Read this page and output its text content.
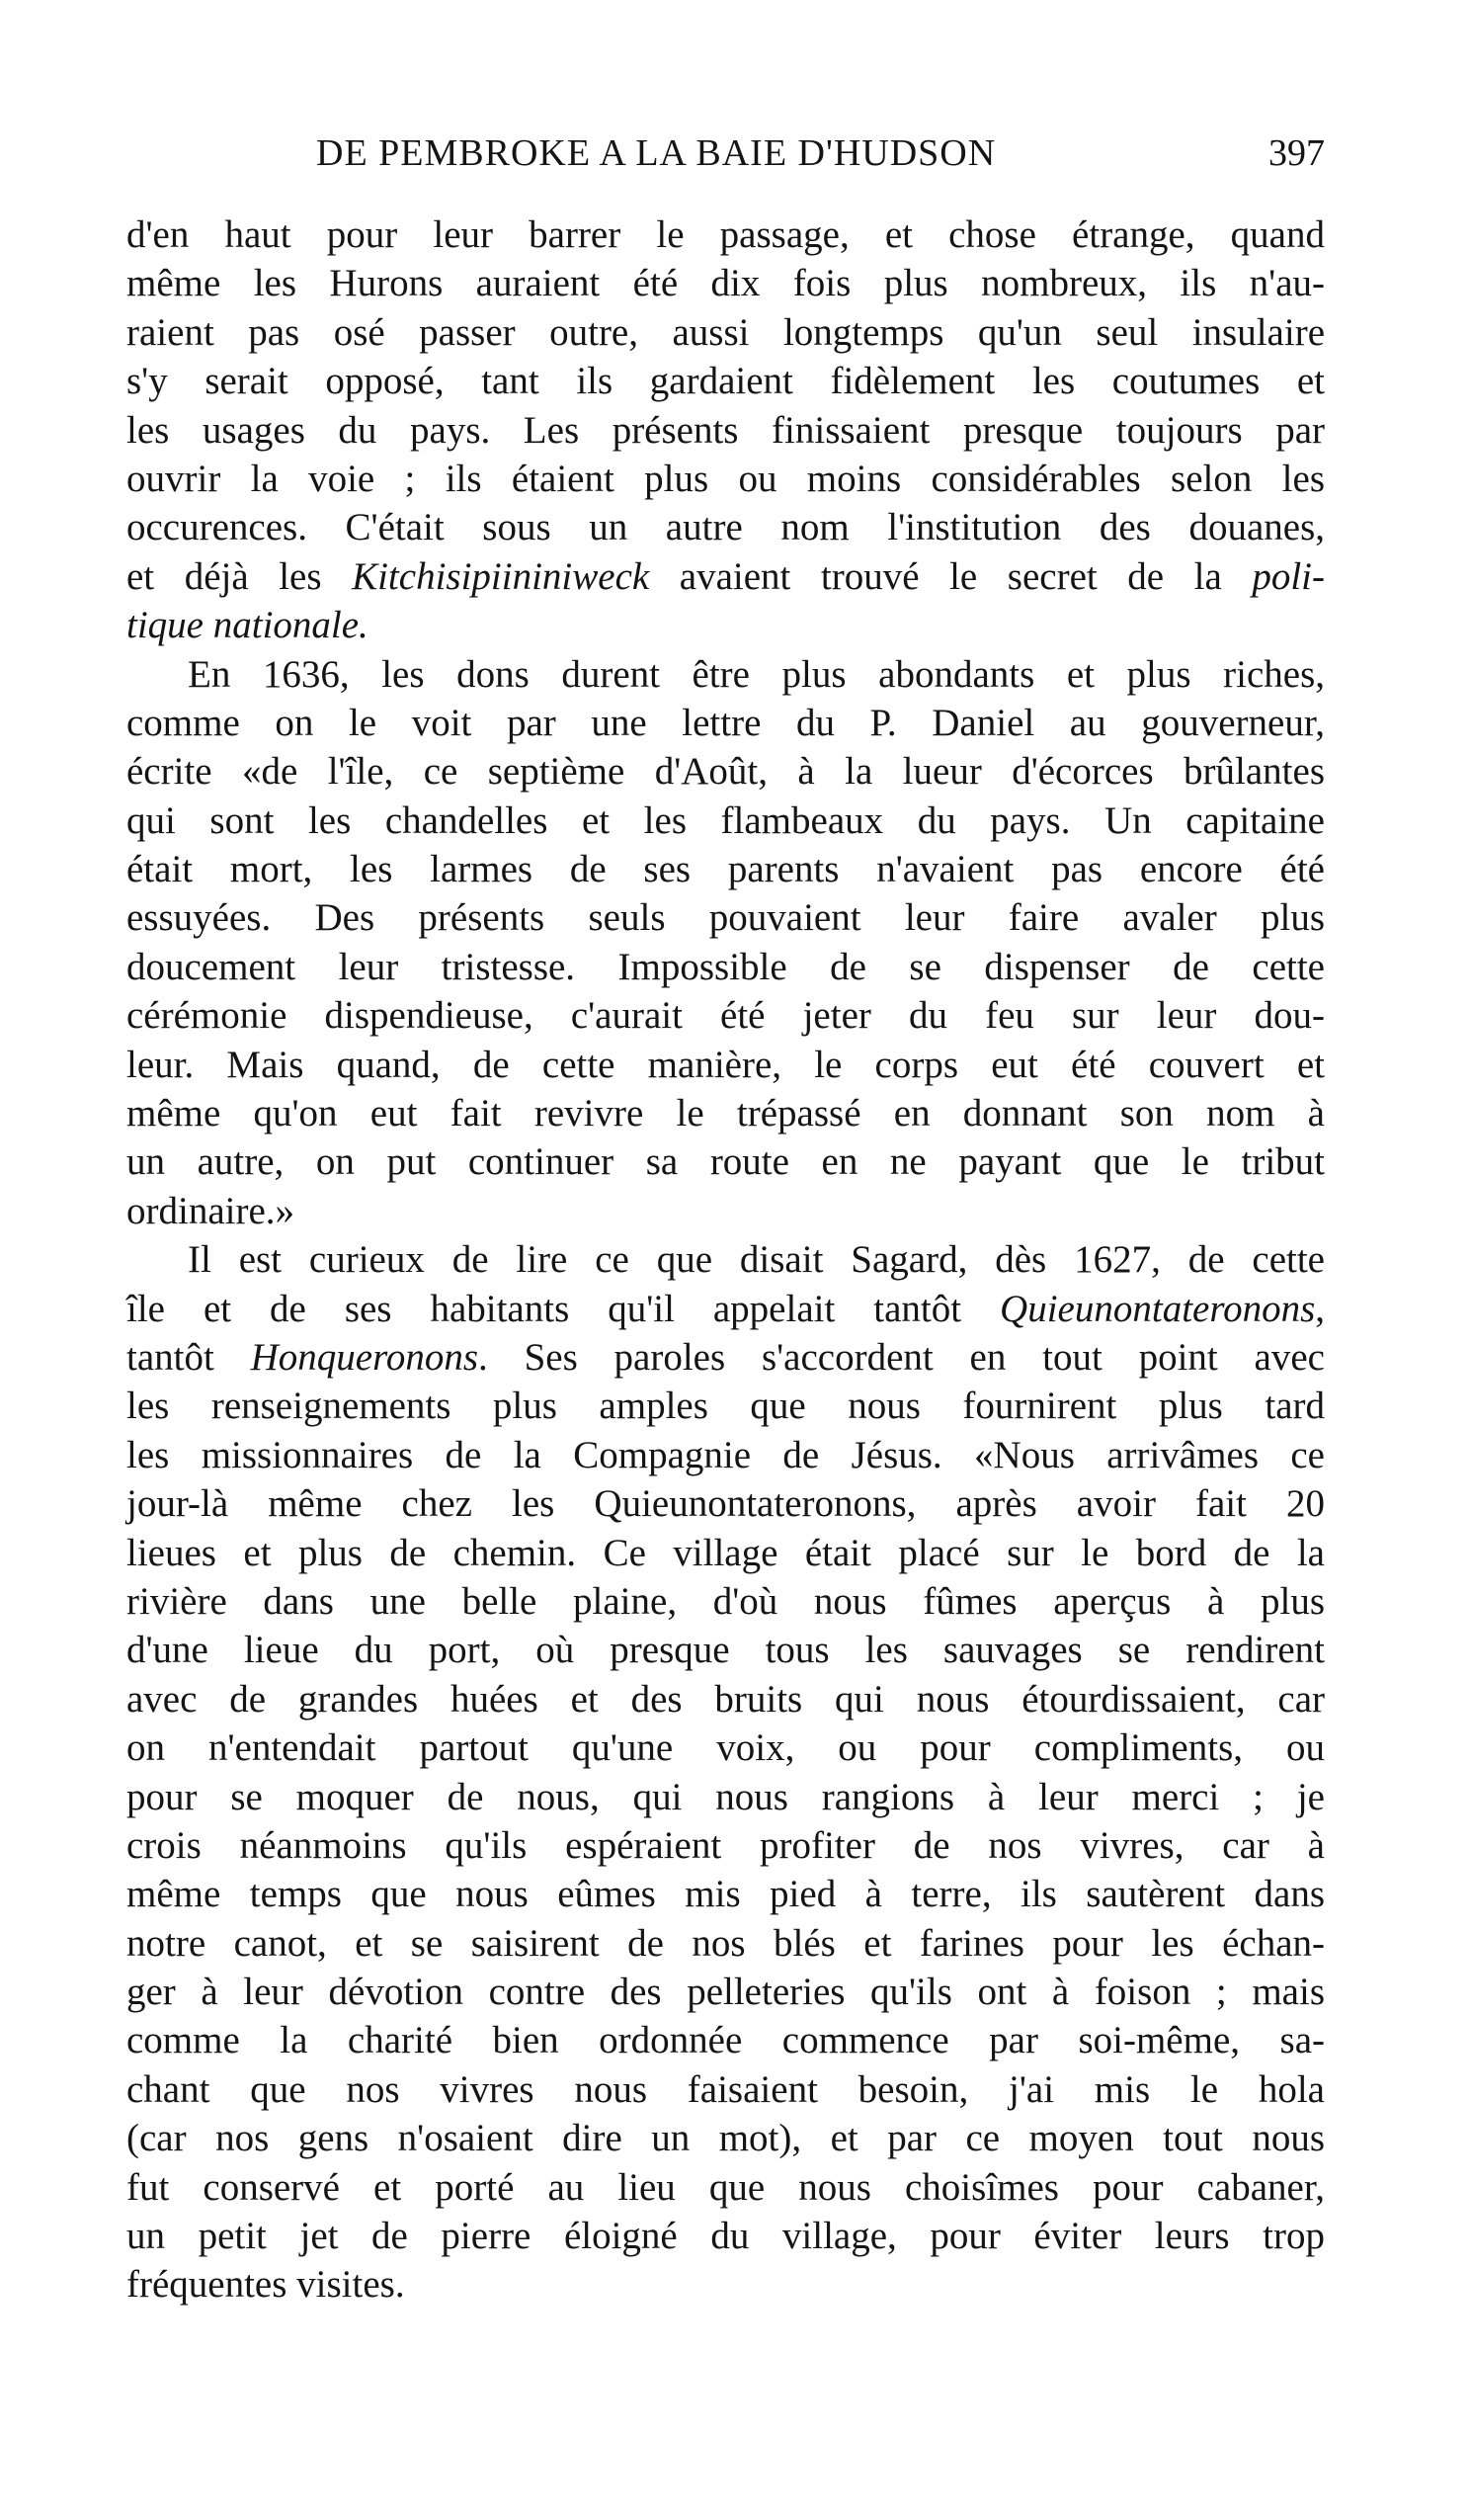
DE PEMBROKE A LA BAIE D'HUDSON	397
d'en haut pour leur barrer le passage, et chose étrange, quand
même les Hurons auraient été dix fois plus nombreux, ils n'au-
raient pas osé passer outre, aussi longtemps qu'un seul insulaire
s'y serait opposé, tant ils gardaient fidèlement les coutumes et
les usages du pays. Les présents finissaient presque toujours par
ouvrir la voie ; ils étaient plus ou moins considérables selon les
occurences. C'était sous un autre nom l'institution des douanes,
et déjà les Kitchisipiininiweck avaient trouvé le secret de la poli-
tique nationale.
En 1636, les dons durent être plus abondants et plus riches,
comme on le voit par une lettre du P. Daniel au gouverneur,
écrite «de l'île, ce septième d'Août, à la lueur d'écorces brûlantes
qui sont les chandelles et les flambeaux du pays. Un capitaine
était mort, les larmes de ses parents n'avaient pas encore été
essuyées. Des présents seuls pouvaient leur faire avaler plus
doucement leur tristesse. Impossible de se dispenser de cette
cérémonie dispendieuse, c'aurait été jeter du feu sur leur dou-
leur. Mais quand, de cette manière, le corps eut été couvert et
même qu'on eut fait revivre le trépassé en donnant son nom à
un autre, on put continuer sa route en ne payant que le tribut
ordinaire.»
Il est curieux de lire ce que disait Sagard, dès 1627, de cette
île et de ses habitants qu'il appelait tantôt Quieunontateronons,
tantôt Honqueronons. Ses paroles s'accordent en tout point avec
les renseignements plus amples que nous fournirent plus tard
les missionnaires de la Compagnie de Jésus. «Nous arrivâmes ce
jour-là même chez les Quieunontateronons, après avoir fait 20
lieues et plus de chemin. Ce village était placé sur le bord de la
rivière dans une belle plaine, d'où nous fûmes aperçus à plus
d'une lieue du port, où presque tous les sauvages se rendirent
avec de grandes huées et des bruits qui nous étourdissaient, car
on n'entendait partout qu'une voix, ou pour compliments, ou
pour se moquer de nous, qui nous rangions à leur merci ; je
crois néanmoins qu'ils espéraient profiter de nos vivres, car à
même temps que nous eûmes mis pied à terre, ils sautèrent dans
notre canot, et se saisirent de nos blés et farines pour les échan-
ger à leur dévotion contre des pelleteries qu'ils ont à foison ; mais
comme la charité bien ordonnée commence par soi-même, sa-
chant que nos vivres nous faisaient besoin, j'ai mis le hola
(car nos gens n'osaient dire un mot), et par ce moyen tout nous
fut conservé et porté au lieu que nous choisîmes pour cabaner,
un petit jet de pierre éloigné du village, pour éviter leurs trop
fréquentes visites.
